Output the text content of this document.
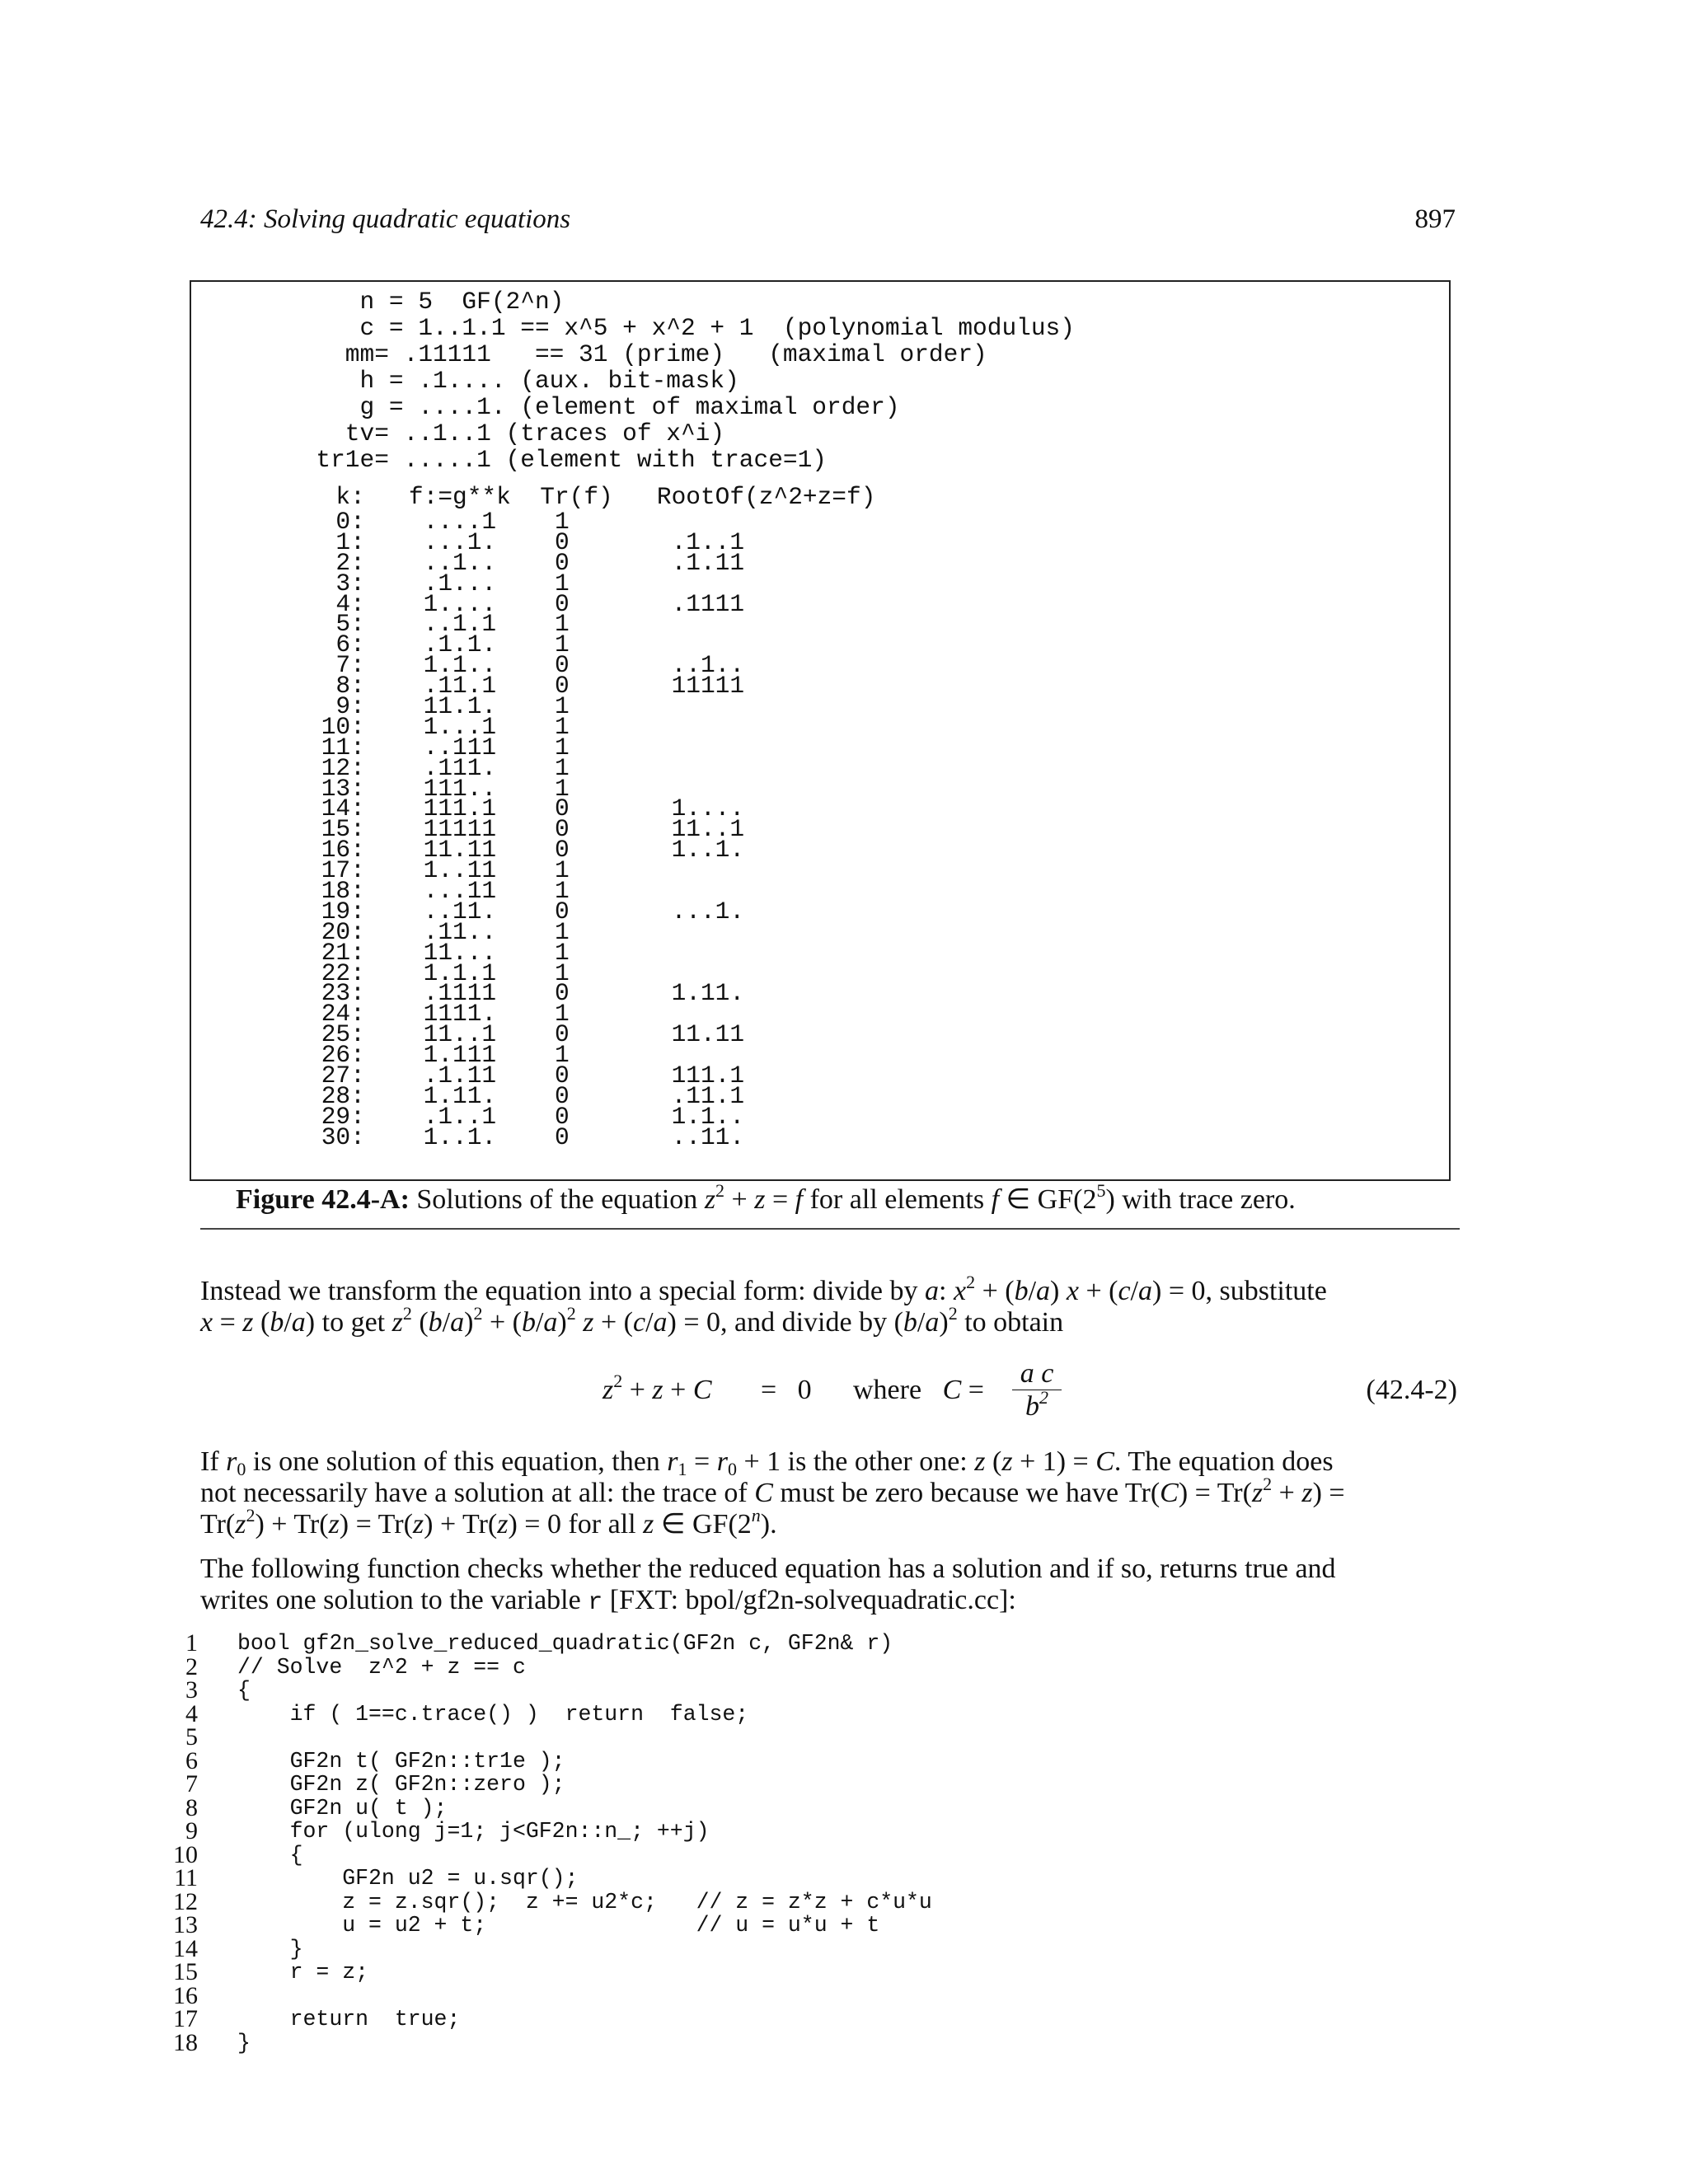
42.4: Solving quadratic equations	897
n = 5  GF(2^n)
c = 1..1.1 == x^5 + x^2 + 1  (polynomial modulus)
mm= .11111   == 31 (prime)   (maximal order)
h = .1.... (aux. bit-mask)
g = ....1. (element of maximal order)
tv= ..1..1 (traces of x^i)
tr1e= .....1 (element with trace=1)
k:   f:=g**k  Tr(f)   RootOf(z^2+z=f)
0:    ....1    1
1:    ...1.    0       .1..1
2:    ..1..    0       .1.11
3:    .1...    1
4:    1....    0       .1111
5:    ..1.1    1
6:    .1.1.    1
7:    1.1..    0       ..1..
8:    .11.1    0       11111
9:    11.1.    1
10:    1...1    1
11:    ..111    1
12:    .111.    1
13:    111..    1
14:    111.1    0       1....
15:    11111    0       11..1
16:    11.11    0       1..1.
17:    1..11    1
18:    ...11    1
19:    ..11.    0       ...1.
20:    .11..    1
21:    11...    1
22:    1.1.1    1
23:    .1111    0       1.11.
24:    1111.    1
25:    11..1    0       11.11
26:    1.111    1
27:    .1.11    0       111.1
28:    1.11.    0       .11.1
29:    .1..1    0       1.1..
30:    1..1.    0       ..11.
Figure 42.4-A: Solutions of the equation $z^2 + z = f$ for all elements f ∈ $GF(2^5)$ with trace zero.
Instead we transform the equation into a special form: divide by a: $x^2 + (b/a) x + (c/a) = 0$, substitute
x = z (b/a) to get $z^2$ $(b/a)^2 + (b/a)^2$ z + (c/a) = 0, and divide by $(b/a)^2$ to obtain
$z^2 + z + C = 0$ where $C = \frac{\text{a c}}{b^2}$	(42.4-2)
If $r_0$ is one solution of this equation, then $r_1 = r_0 + 1$ is the other one: z (z + 1) = C. The equation does
not necessarily have a solution at all: the trace of C must be zero because we have $Tr(C) = Tr(z^2 + z)$ =
$Tr(z^2) + Tr(z) = Tr(z) + Tr(z) = 0$ for all z ∈ GF(2$^n$).
The following function checks whether the reduced equation has a solution and if so, returns true and
writes one solution to the variable r [FXT: bpol/gf2n-solvequadratic.cc]:
1 bool gf2n_solve_reduced_quadratic(GF2n c, GF2n& r)
2 // Solve  z^2 + z == c
3 {
4 if ( 1==c.trace() )  return  false;
5
6 GF2n t( GF2n::tr1e );
7 GF2n z( GF2n::zero );
8 GF2n u( t );
9 for (ulong j=1; j<GF2n::n_; ++j)
10 {
11 GF2n u2 = u.sqr();
12 z = z.sqr();  z += u2*c;   // z = z*z + c*u*u
13 u = u2 + t;                // u = u*u + t
14 }
15 r = z;
16
17 return  true;
18 }
